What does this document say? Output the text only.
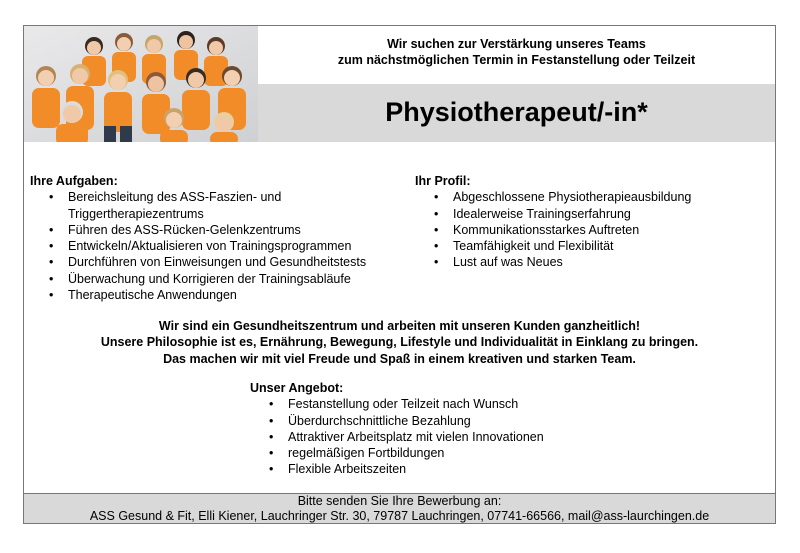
Wir suchen zur Verstärkung unseres Teams
zum nächstmöglichen Termin in Festanstellung oder Teilzeit
Physiotherapeut/-in*
Ihre Aufgaben:
• Bereichsleitung des ASS-Faszien- und Triggertherapiezentrums
• Führen des ASS-Rücken-Gelenkzentrums
• Entwickeln/Aktualisieren von Trainingsprogrammen
• Durchführen von Einweisungen und Gesundheitstests
• Überwachung und Korrigieren der Trainingsabläufe
• Therapeutische Anwendungen
Ihr Profil:
• Abgeschlossene Physiotherapieausbildung
• Idealerweise Trainingserfahrung
• Kommunikationsstarkes Auftreten
• Teamfähigkeit und Flexibilität
• Lust auf was Neues
Wir sind ein Gesundheitszentrum und arbeiten mit unseren Kunden ganzheitlich!
Unsere Philosophie ist es, Ernährung, Bewegung, Lifestyle und Individualität in Einklang zu bringen.
Das machen wir mit viel Freude und Spaß in einem kreativen und starken Team.
Unser Angebot:
• Festanstellung oder Teilzeit nach Wunsch
• Überdurchschnittliche Bezahlung
• Attraktiver Arbeitsplatz mit vielen Innovationen
• regelmäßigen Fortbildungen
• Flexible Arbeitszeiten
Bitte senden Sie Ihre Bewerbung an:
ASS Gesund & Fit, Elli Kiener, Lauchringer Str. 30, 79787 Lauchringen, 07741-66566, mail@ass-laurchingen.de
